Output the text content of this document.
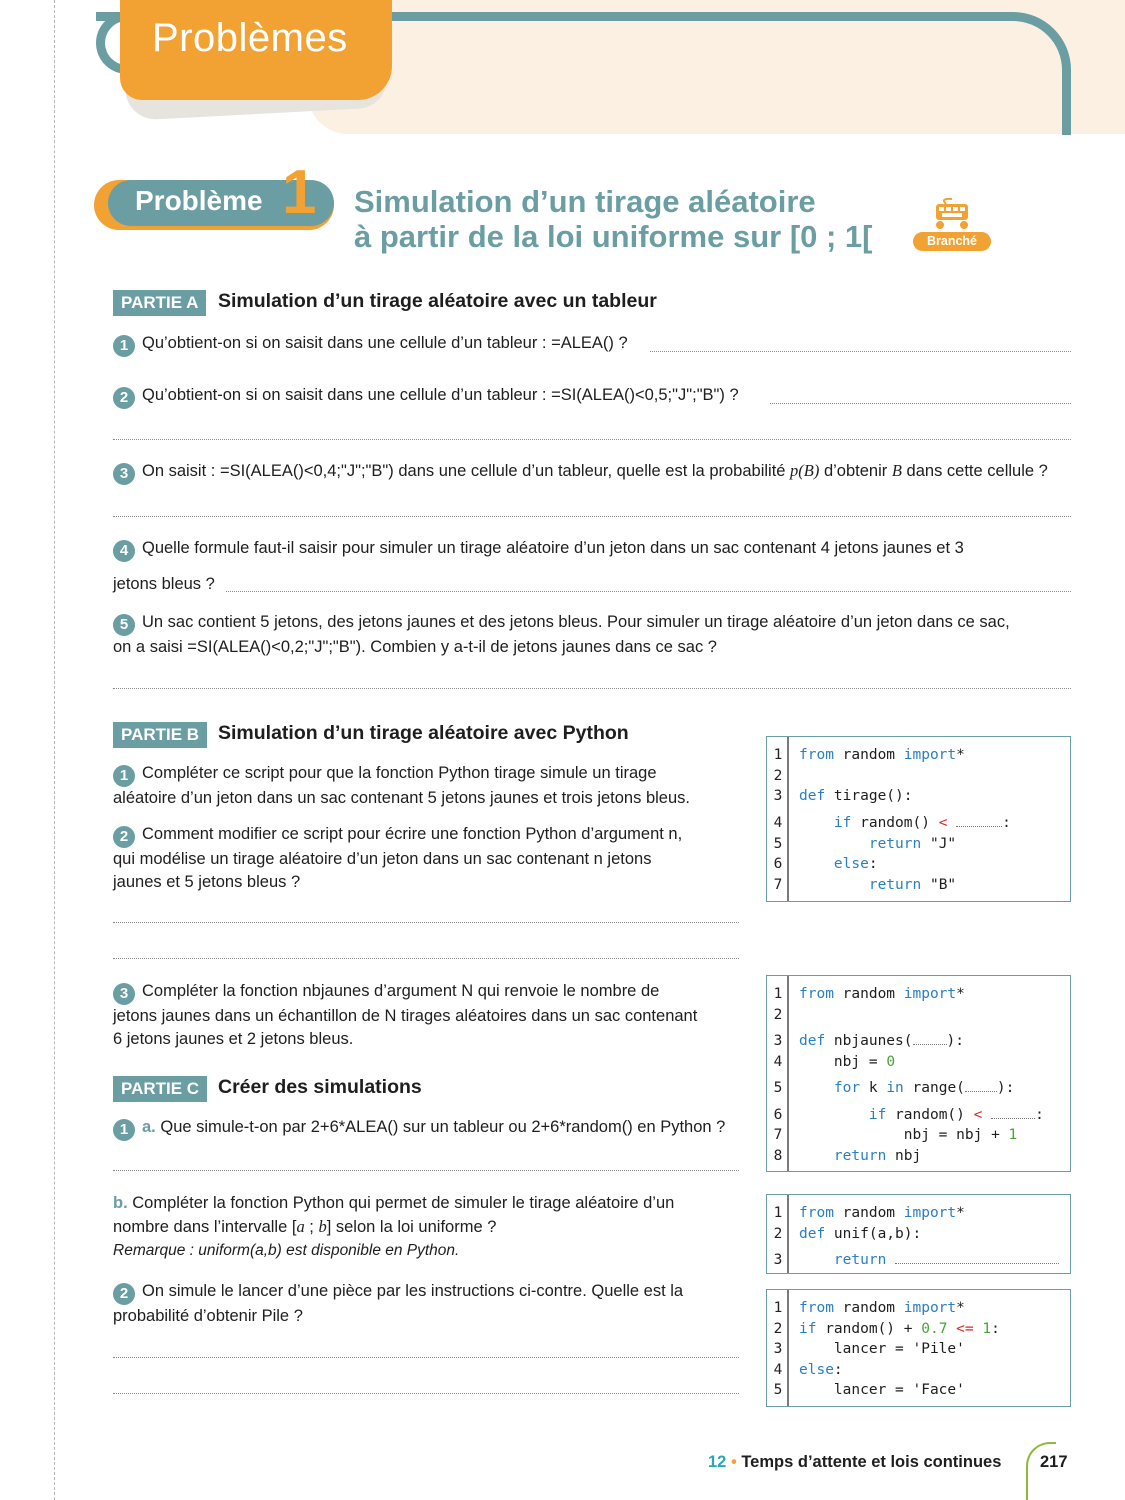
Problèmes
Problème 1 Simulation d’un tirage aléatoire
à partir de la loi uniforme sur [0 ; 1[	Branché
PARTIE A	Simulation d’un tirage aléatoire avec un tableur
1 Qu’obtient-on si on saisit dans une cellule d’un tableur : =ALEA() ?
2 Qu’obtient-on si on saisit dans une cellule d’un tableur : =SI(ALEA()<0,5;"J";"B") ?
3 On saisit : =SI(ALEA()<0,4;"J";"B") dans une cellule d’un tableur, quelle est la probabilité p(B) d’obtenir B dans cette cellule ?
4 Quelle formule faut-il saisir pour simuler un tirage aléatoire d’un jeton dans un sac contenant 4 jetons jaunes et 3
jetons bleus ?
5 Un sac contient 5 jetons, des jetons jaunes et des jetons bleus. Pour simuler un tirage aléatoire d’un jeton dans ce sac,
on a saisi =SI(ALEA()<0,2;"J";"B"). Combien y a-t-il de jetons jaunes dans ce sac ?
PARTIE B Simulation d’un tirage aléatoire avec Python
1 Compléter ce script pour que la fonction Python tirage simule un tirage
aléatoire d’un jeton dans un sac contenant 5 jetons jaunes et trois jetons bleus.
2 Comment modifier ce script pour écrire une fonction Python d’argument n,
qui modélise un tirage aléatoire d’un jeton dans un sac contenant n jetons
jaunes et 5 jetons bleus ?
3 Compléter la fonction nbjaunes d’argument N qui renvoie le nombre de
jetons jaunes dans un échantillon de N tirages aléatoires dans un sac contenant
6 jetons jaunes et 2 jetons bleus.
PARTIE C Créer des simulations
1 a. Que simule-t-on par 2+6*ALEA() sur un tableur ou 2+6*random() en Python ?
b. Compléter la fonction Python qui permet de simuler le tirage aléatoire d’un
nombre dans l’intervalle [a ; b] selon la loi uniforme ?
Remarque : uniform(a,b) est disponible en Python.
2 On simule le lancer d’une pièce par les instructions ci-contre. Quelle est la
probabilité d’obtenir Pile ?
1 from random import*
2
3 def tirage():
4	if random() <	:
5	return "J"
6	else:
7	return "B"
1 from random import*
2
3 def nbjaunes( ):
4	nbj = 0
5	for k in range( ):
6	if random() <	:
7	nbj = nbj + 1
8	return nbj
1 from random import*
2 def unif(a,b):
3	return
1 from random import*
2 if random() + 0.7 <= 1:
3	lancer = 'Pile'
4 else:
5	lancer = 'Face'
12 • Temps d’attente et lois continues 217
